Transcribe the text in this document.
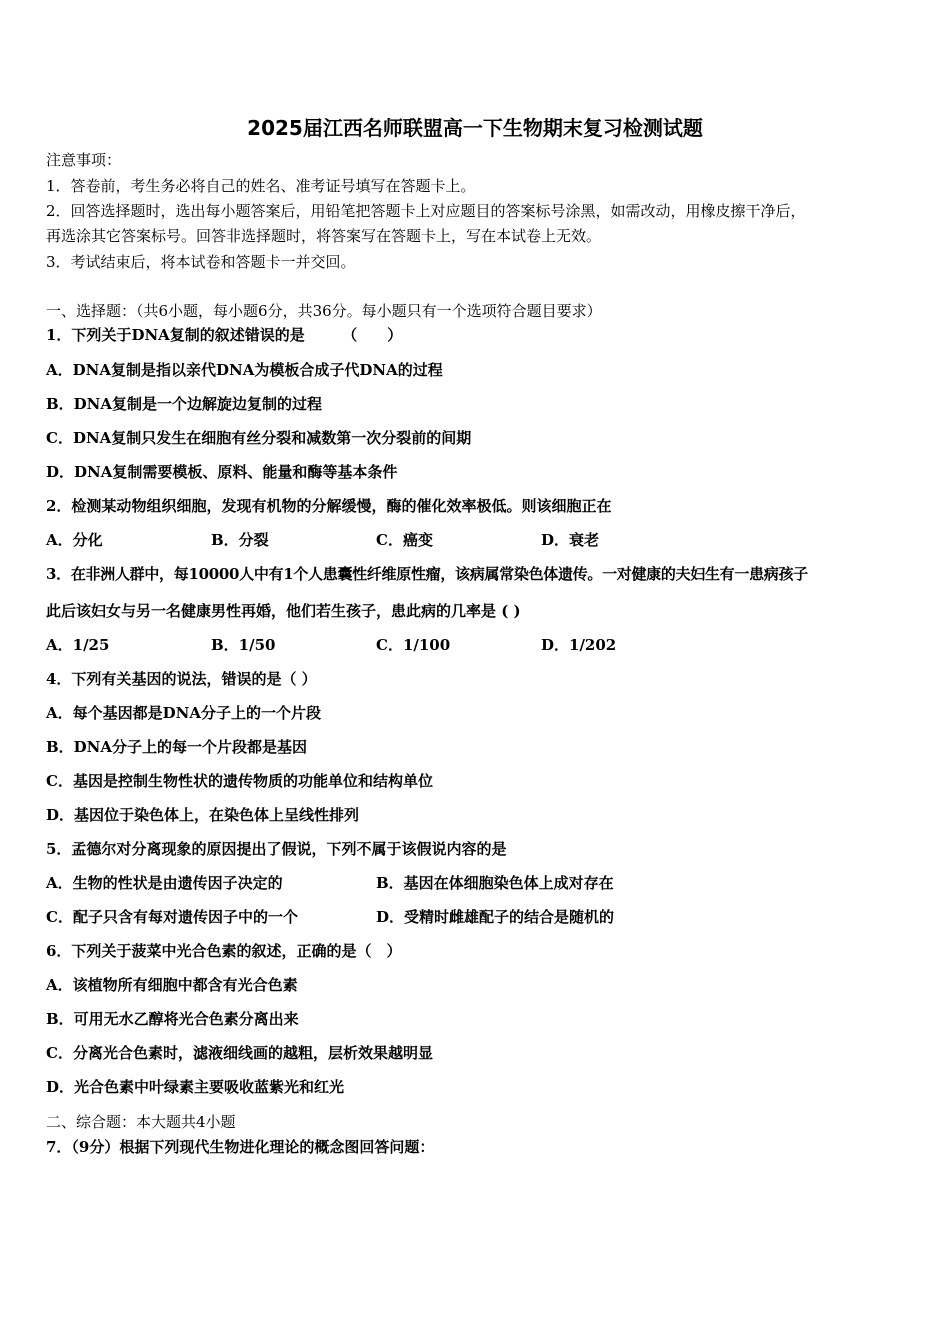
2025届江西名师联盟高一下生物期末复习检测试题
注意事项：
1．答卷前，考生务必将自己的姓名、准考证号填写在答题卡上。
2．回答选择题时，选出每小题答案后，用铅笔把答题卡上对应题目的答案标号涂黑，如需改动，用橡皮擦干净后，
再选涂其它答案标号。回答非选择题时，将答案写在答题卡上，写在本试卷上无效。
3．考试结束后，将本试卷和答题卡一并交回。
一、选择题：（共6小题，每小题6分，共36分。每小题只有一个选项符合题目要求）
1．下列关于DNA复制的叙述错误的是　　　（　　）
A．DNA复制是指以亲代DNA为模板合成子代DNA的过程
B．DNA复制是一个边解旋边复制的过程
C．DNA复制只发生在细胞有丝分裂和减数第一次分裂前的间期
D．DNA复制需要模板、原料、能量和酶等基本条件
2．检测某动物组织细胞，发现有机物的分解缓慢，酶的催化效率极低。则该细胞正在
A．分化	B．分裂	C．癌变	D．衰老
3．在非洲人群中，每10000人中有1个人患囊性纤维原性瘤，该病属常染色体遗传。一对健康的夫妇生有一患病孩子
此后该妇女与另一名健康男性再婚，他们若生孩子，患此病的几率是 ( )
A．1/25	B．1/50	C．1/100	D．1/202
4．下列有关基因的说法，错误的是（ ）
A．每个基因都是DNA分子上的一个片段
B．DNA分子上的每一个片段都是基因
C．基因是控制生物性状的遗传物质的功能单位和结构单位
D．基因位于染色体上，在染色体上呈线性排列
5．孟德尔对分离现象的原因提出了假说，下列不属于该假说内容的是
A．生物的性状是由遗传因子决定的	B．基因在体细胞染色体上成对存在
C．配子只含有每对遗传因子中的一个	D．受精时雌雄配子的结合是随机的
6．下列关于菠菜中光合色素的叙述，正确的是（　）
A．该植物所有细胞中都含有光合色素
B．可用无水乙醇将光合色素分离出来
C．分离光合色素时，滤液细线画的越粗，层析效果越明显
D．光合色素中叶绿素主要吸收蓝紫光和红光
二、综合题：本大题共4小题
7．（9分）根据下列现代生物进化理论的概念图回答问题：
